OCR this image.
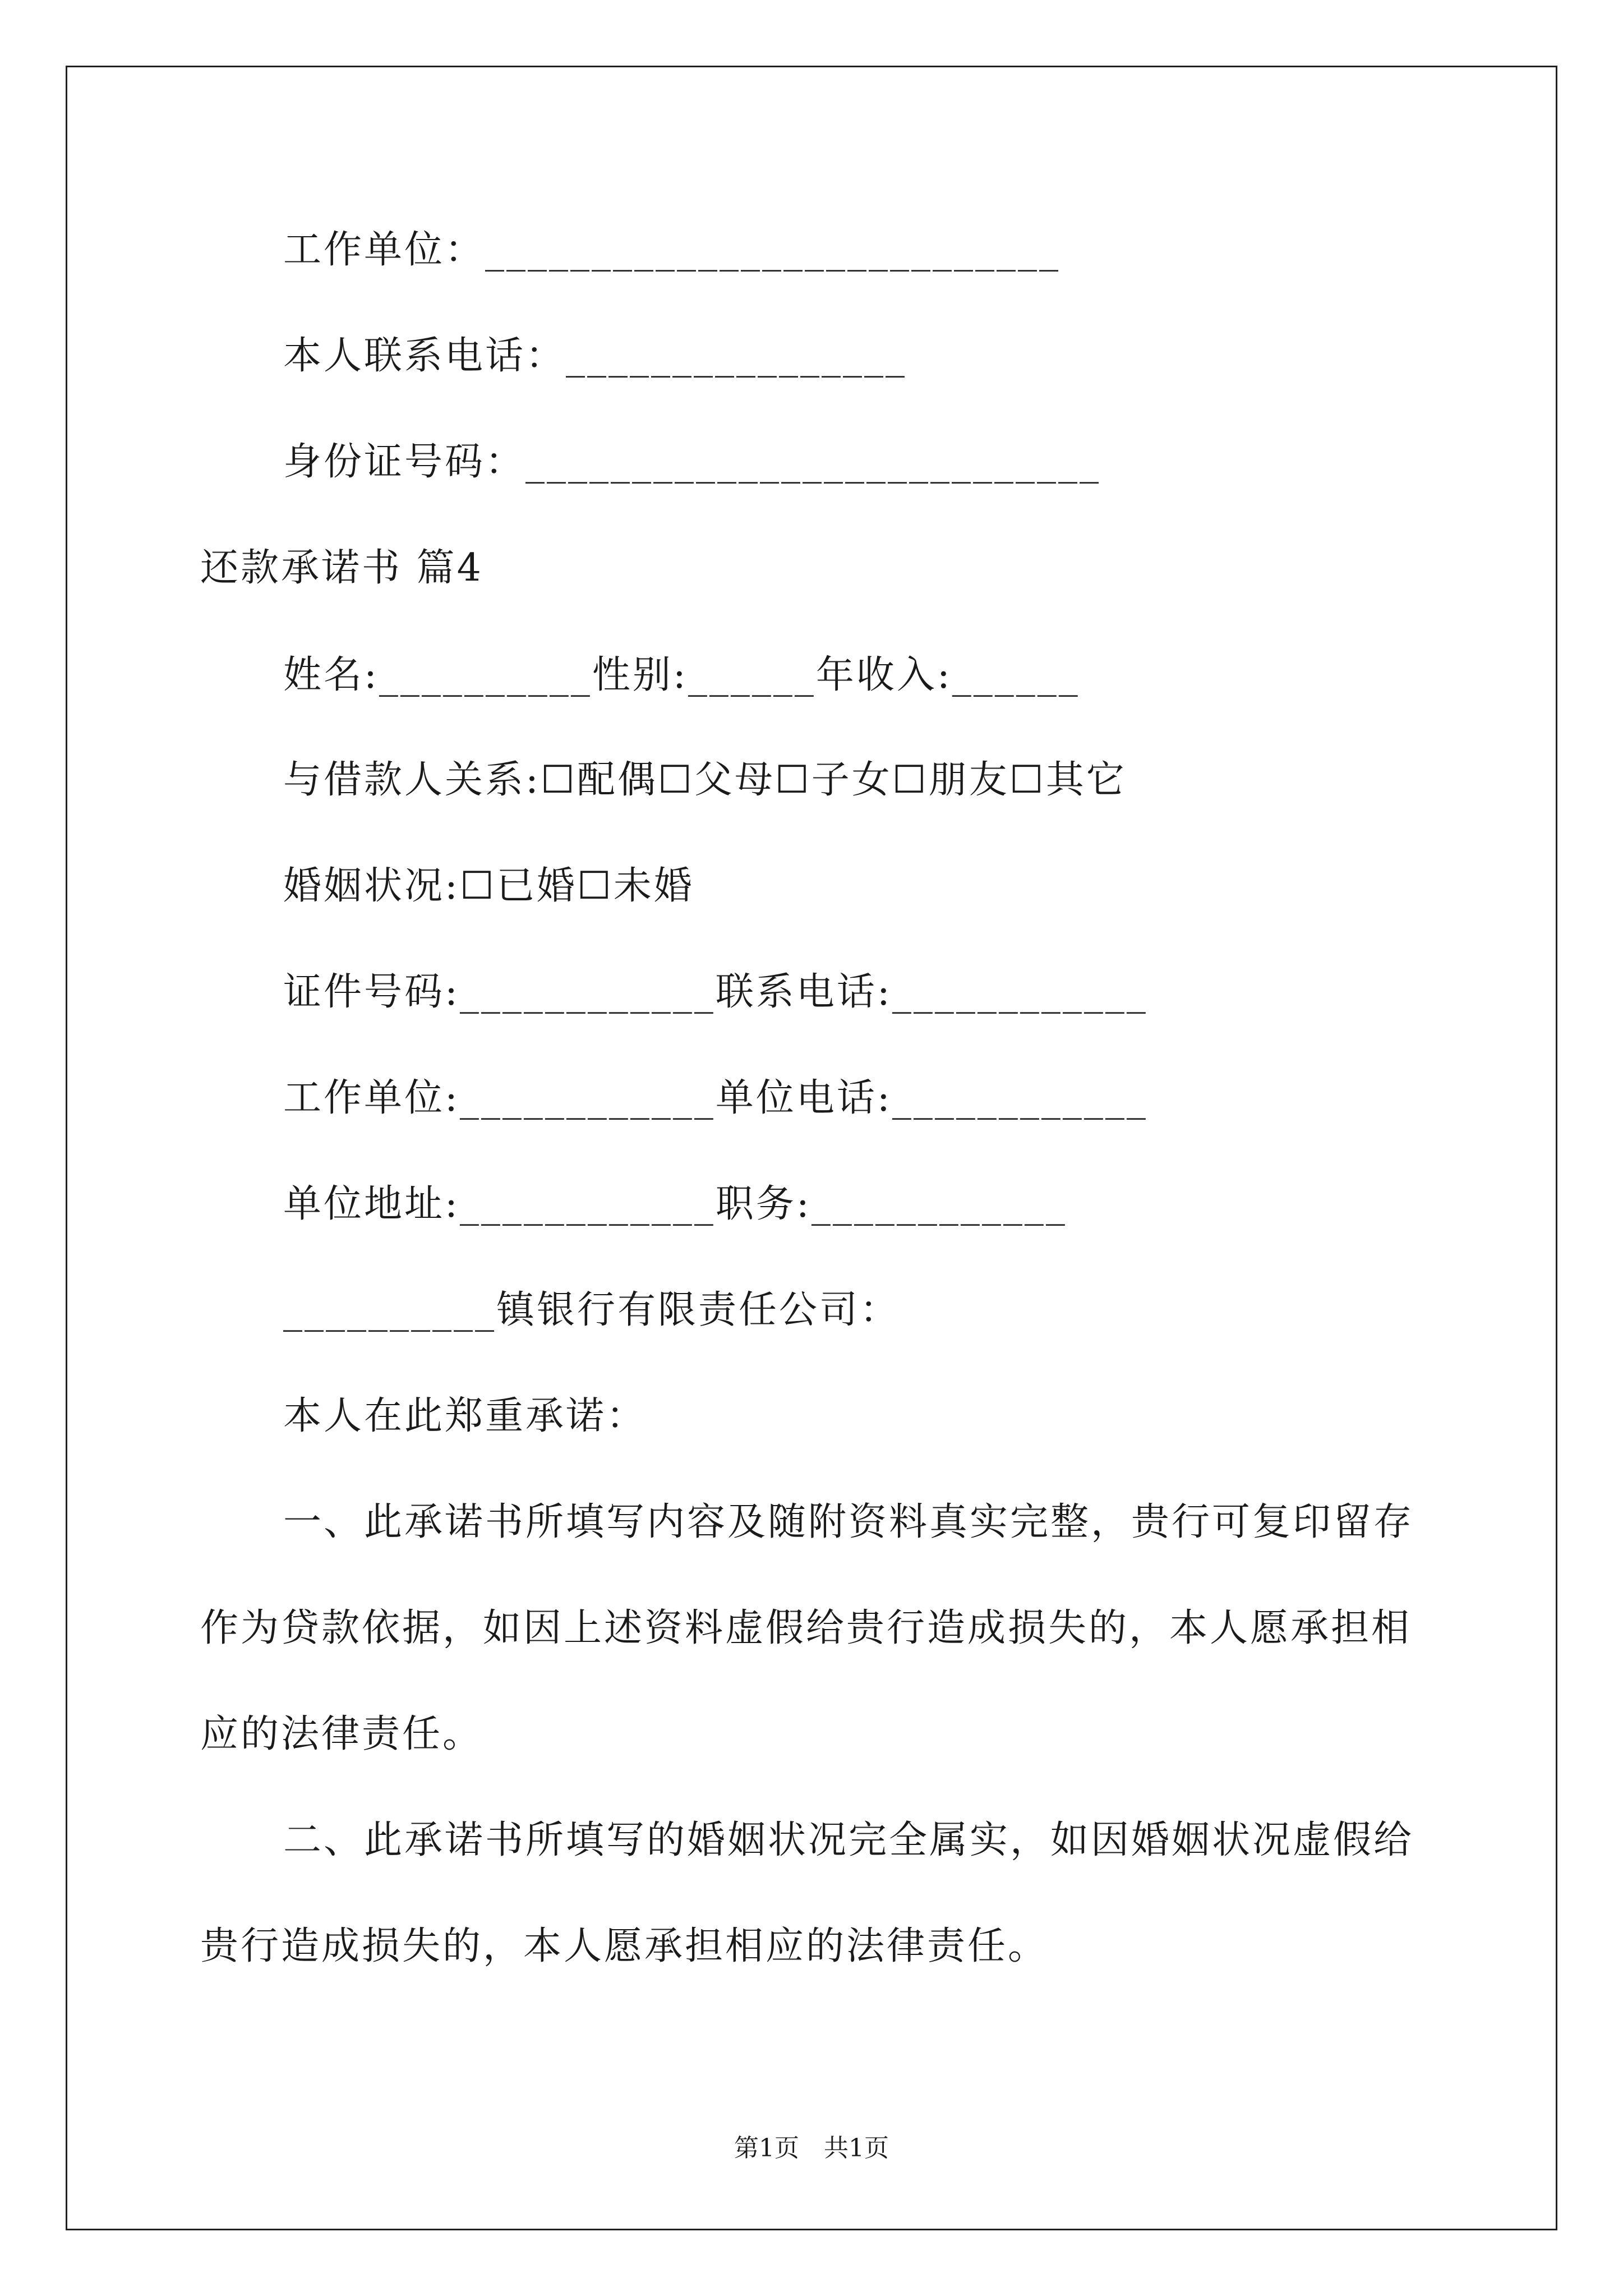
工作单位：___________________________
本人联系电话：________________
身份证号码：___________________________
还款承诺书 篇4
姓名:__________性别:______年收入:______
与借款人关系:☐配偶☐父母☐子女☐朋友☐其它
婚姻状况:☐已婚☐未婚
证件号码:____________联系电话:____________
工作单位:____________单位电话:____________
单位地址:____________职务:____________
__________镇银行有限责任公司：
本人在此郑重承诺：
一、此承诺书所填写内容及随附资料真实完整，贵行可复印留存
作为贷款依据，如因上述资料虚假给贵行造成损失的，本人愿承担相
应的法律责任。
二、此承诺书所填写的婚姻状况完全属实，如因婚姻状况虚假给
贵行造成损失的，本人愿承担相应的法律责任。
第1页　共1页
